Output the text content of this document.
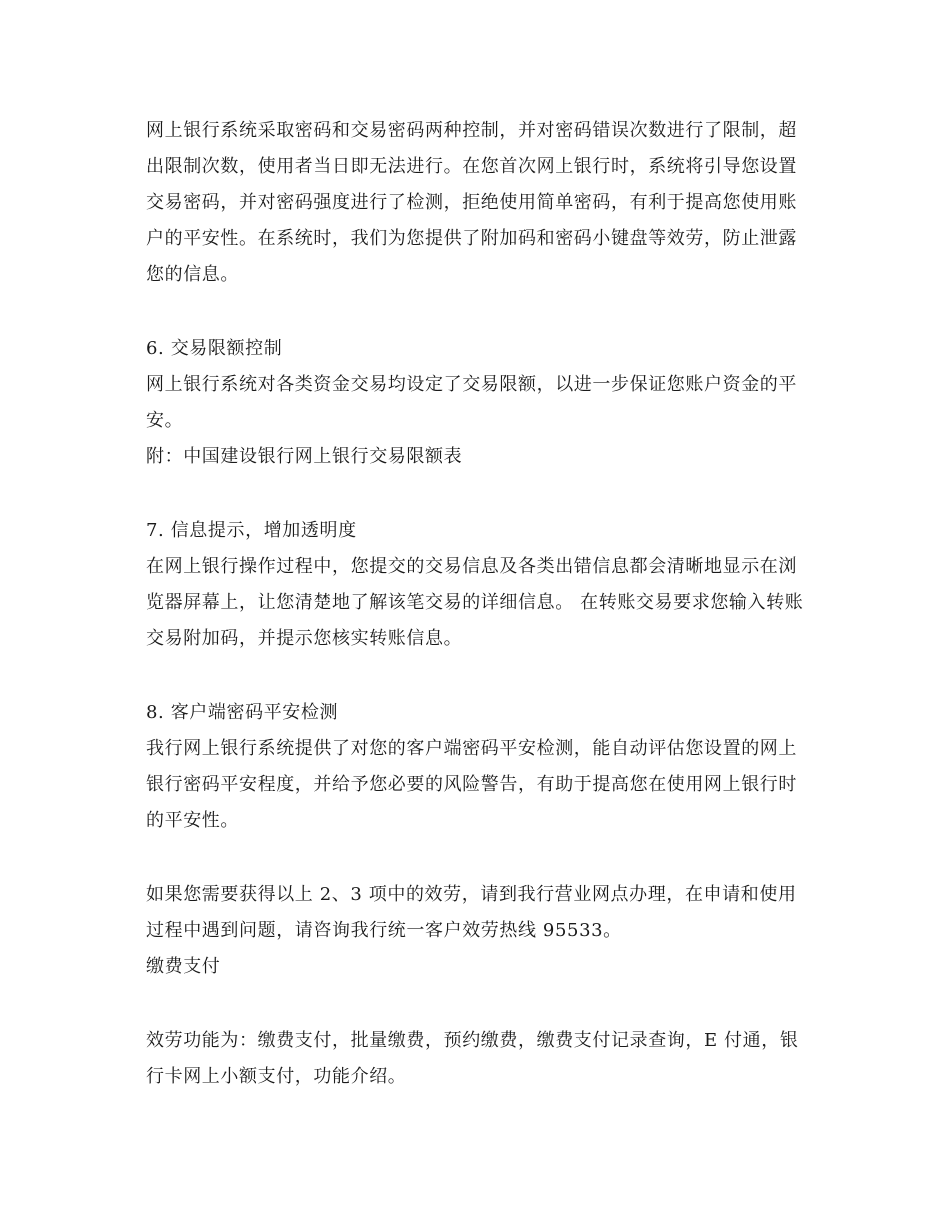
网上银行系统采取密码和交易密码两种控制，并对密码错误次数进行了限制，超
出限制次数，使用者当日即无法进行。在您首次网上银行时，系统将引导您设置
交易密码，并对密码强度进行了检测，拒绝使用简单密码，有利于提高您使用账
户的平安性。在系统时，我们为您提供了附加码和密码小键盘等效劳，防止泄露
您的信息。
6. 交易限额控制
网上银行系统对各类资金交易均设定了交易限额，以进一步保证您账户资金的平
安。
附：中国建设银行网上银行交易限额表
7. 信息提示，增加透明度
在网上银行操作过程中，您提交的交易信息及各类出错信息都会清晰地显示在浏
览器屏幕上，让您清楚地了解该笔交易的详细信息。 在转账交易要求您输入转账
交易附加码，并提示您核实转账信息。
8. 客户端密码平安检测
我行网上银行系统提供了对您的客户端密码平安检测，能自动评估您设置的网上
银行密码平安程度，并给予您必要的风险警告，有助于提高您在使用网上银行时
的平安性。
如果您需要获得以上 2、3 项中的效劳，请到我行营业网点办理，在申请和使用
过程中遇到问题，请咨询我行统一客户效劳热线 95533。
缴费支付
效劳功能为：缴费支付，批量缴费，预约缴费，缴费支付记录查询，E 付通，银
行卡网上小额支付，功能介绍。
